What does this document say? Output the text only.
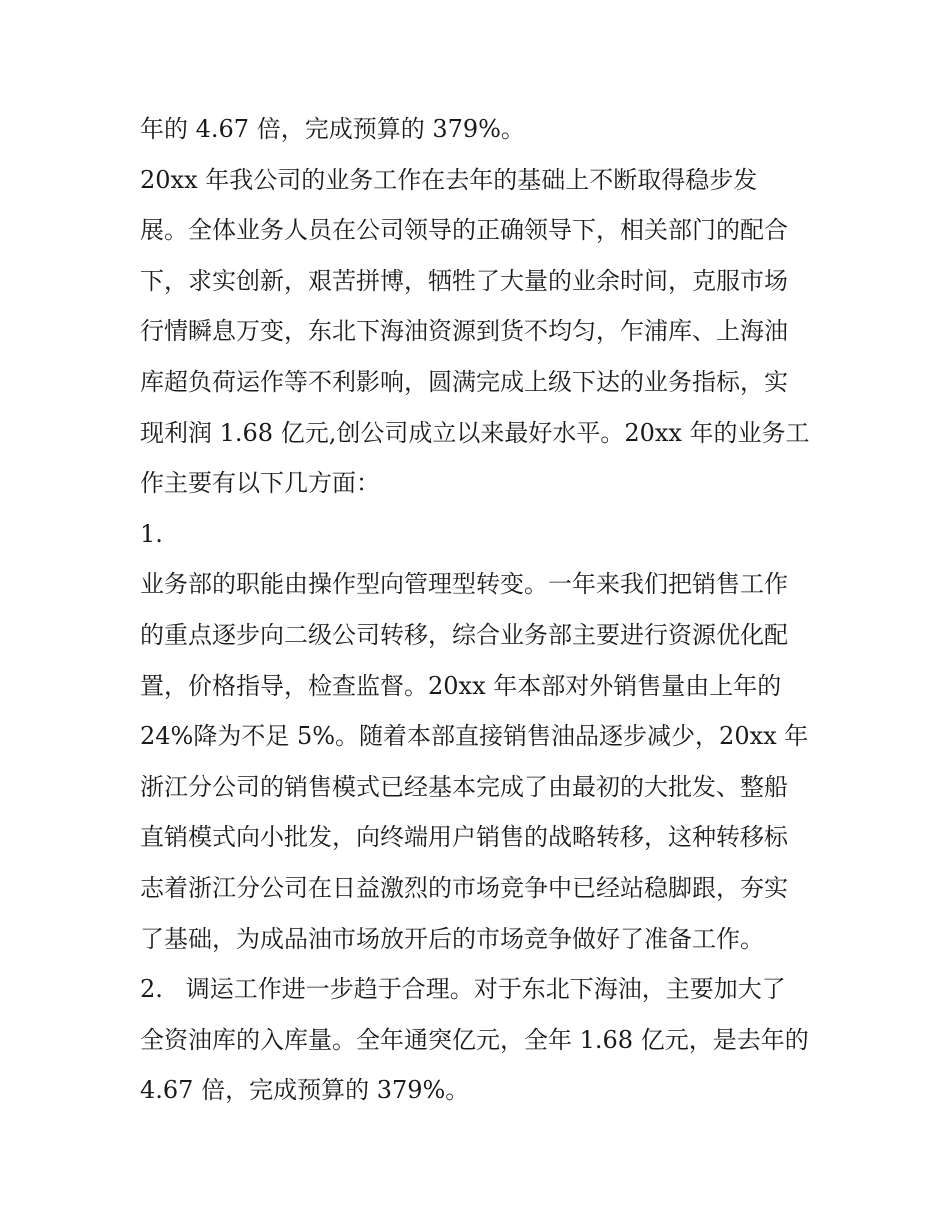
年的 4.67 倍，完成预算的 379%。
20xx 年我公司的业务工作在去年的基础上不断取得稳步发
展。全体业务人员在公司领导的正确领导下，相关部门的配合
下，求实创新，艰苦拼博，牺牲了大量的业余时间，克服市场
行情瞬息万变，东北下海油资源到货不均匀，乍浦库、上海油
库超负荷运作等不利影响，圆满完成上级下达的业务指标，实
现利润 1.68 亿元,创公司成立以来最好水平。20xx 年的业务工
作主要有以下几方面：
1.
业务部的职能由操作型向管理型转变。一年来我们把销售工作
的重点逐步向二级公司转移，综合业务部主要进行资源优化配
置，价格指导，检查监督。20xx 年本部对外销售量由上年的
24%降为不足 5%。随着本部直接销售油品逐步减少，20xx 年
浙江分公司的销售模式已经基本完成了由最初的大批发、整船
直销模式向小批发，向终端用户销售的战略转移，这种转移标
志着浙江分公司在日益激烈的市场竞争中已经站稳脚跟，夯实
了基础，为成品油市场放开后的市场竞争做好了准备工作。
2.   调运工作进一步趋于合理。对于东北下海油，主要加大了
全资油库的入库量。全年通突亿元，全年 1.68 亿元，是去年的
4.67 倍，完成预算的 379%。
